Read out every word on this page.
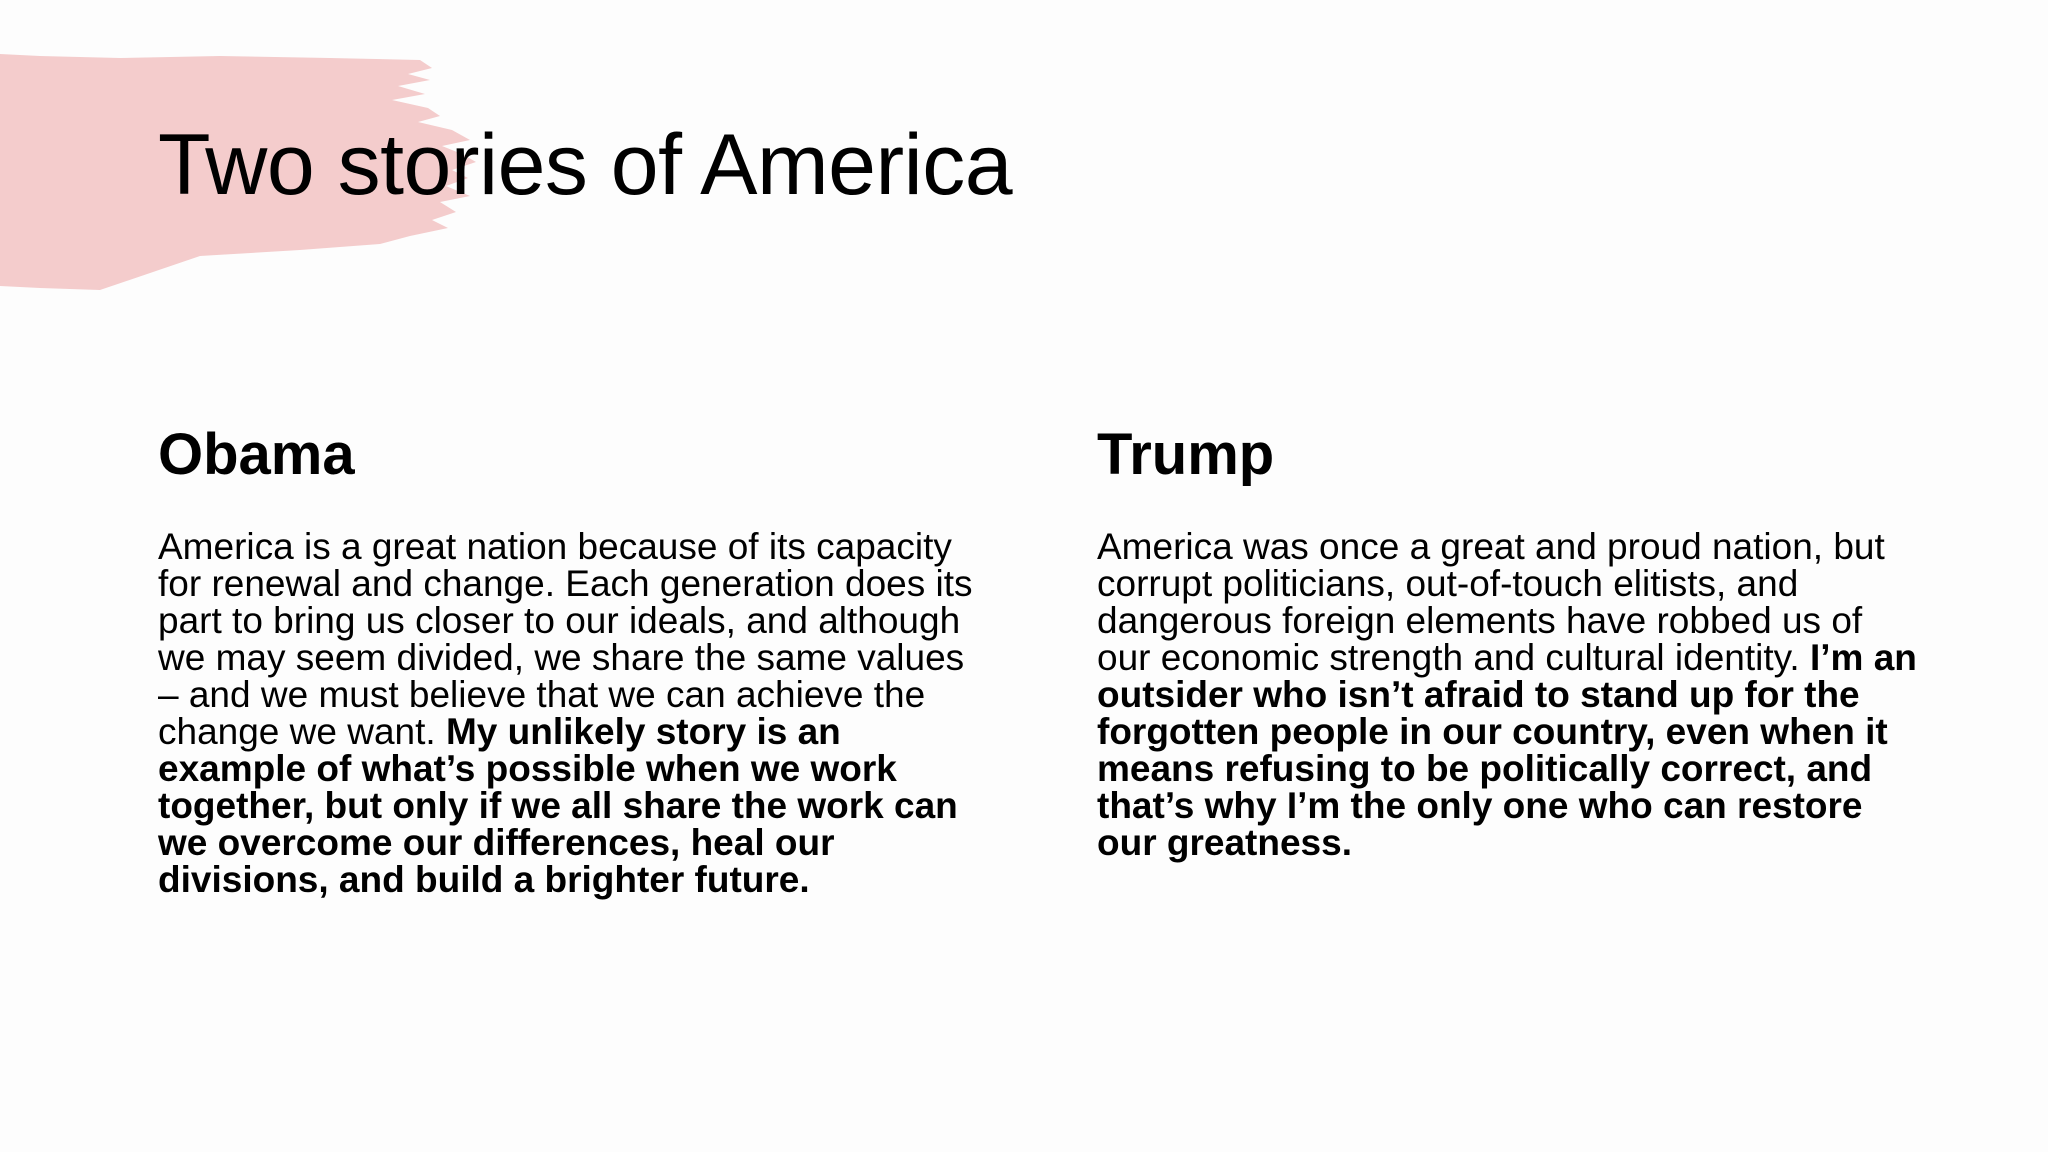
Two stories of America
Obama

America is a great nation because of its capacity for renewal and change. Each generation does its part to bring us closer to our ideals, and although we may seem divided, we share the same values – and we must believe that we can achieve the change we want. My unlikely story is an example of what’s possible when we work together, but only if we all share the work can we overcome our differences, heal our divisions, and build a brighter future.

Trump

America was once a great and proud nation, but corrupt politicians, out-of-touch elitists, and dangerous foreign elements have robbed us of our economic strength and cultural identity. I’m an outsider who isn’t afraid to stand up for the forgotten people in our country, even when it means refusing to be politically correct, and that’s why I’m the only one who can restore our greatness.
